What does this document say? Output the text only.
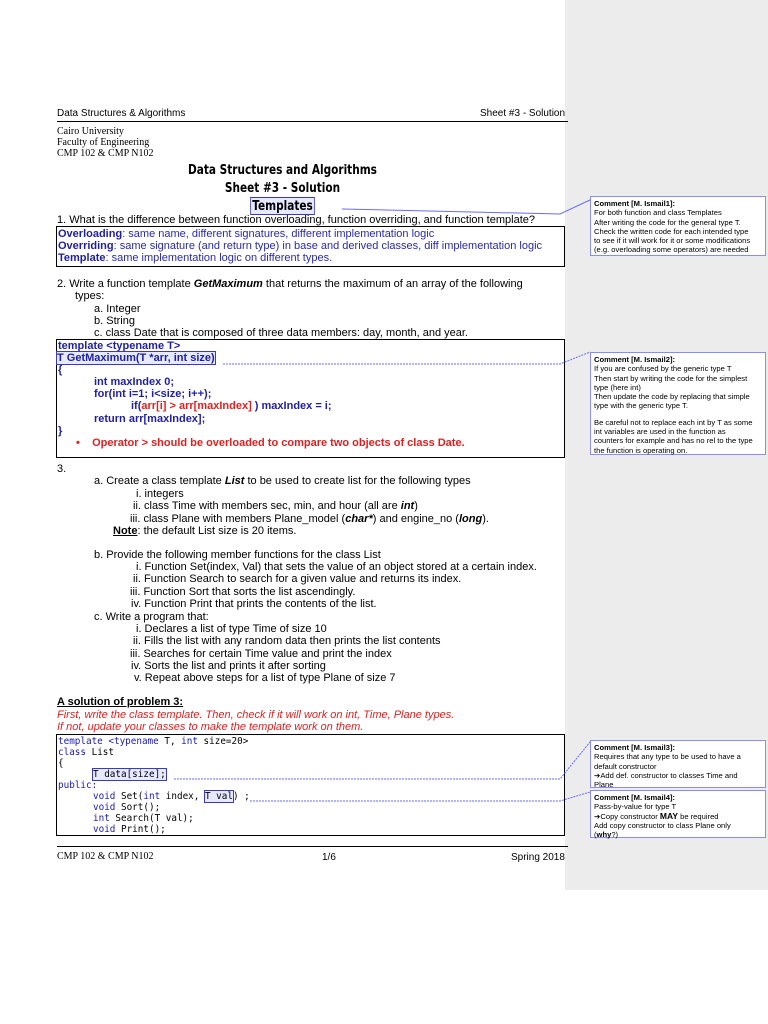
Data Structures & Algorithms	Sheet #3 - Solution
Cairo University
Faculty of Engineering
CMP 102 & CMP N102
Data Structures and Algorithms
Sheet #3 - Solution
Templates
1. What is the difference between function overloading, function overriding, and function template?
Overloading: same name, different signatures, different implementation logic
Overriding: same signature (and return type) in base and derived classes, diff implementation logic
Template: same implementation logic on different types.
2. Write a function template GetMaximum that returns the maximum of an array of the following
types:
a. Integer
b. String
c. class Date that is composed of three data members: day, month, and year.
template <typename T>
T GetMaximum(T *arr, int size)
{
int maxIndex 0;
for(int i=1; i<size; i++);
if(arr[i] > arr[maxIndex] ) maxIndex = i;
return arr[maxIndex];
}
•    Operator > should be overloaded to compare two objects of class Date.
3.
a. Create a class template List to be used to create list for the following types
i. integers
ii. class Time with members sec, min, and hour (all are int)
iii. class Plane with members Plane_model (char*) and engine_no (long).
Note: the default List size is 20 items.
b. Provide the following member functions for the class List
i. Function Set(index, Val) that sets the value of an object stored at a certain index.
ii. Function Search to search for a given value and returns its index.
iii. Function Sort that sorts the list ascendingly.
iv. Function Print that prints the contents of the list.
c. Write a program that:
i. Declares a list of type Time of size 10
ii. Fills the list with any random data then prints the list contents
iii. Searches for certain Time value and print the index
iv. Sorts the list and prints it after sorting
v. Repeat above steps for a list of type Plane of size 7
A solution of problem 3:
First, write the class template. Then, check if it will work on int, Time, Plane types.
If not, update your classes to make the template work on them.
template <typename T, int size=20>
class List
{
T data[size];
public:
void Set(int index, T val) ;
void Sort();
int Search(T val);
void Print();
CMP 102 & CMP N102	1/6	Spring 2018
Comment [M. Ismail1]:
For both function and class Templates
After writing the code for the general type T.
Check the written code for each intended type
to see if it will work for it or some modifications
(e.g. overloading some operators) are needed
Comment [M. Ismail2]:
If you are confused by the generic type T
Then start by writing the code for the simplest
type (here int)
Then update the code by replacing that simple
type with the generic type T.
Be careful not to replace each int by T as some
int variables are used in the function as
counters for example and has no rel to the type
the function is operating on.
Comment [M. Ismail3]:
Requires that any type to be used to have a
default constructor
➔Add def. constructor to classes Time and
Plane
Comment [M. Ismail4]:
Pass-by-value for type T
➔Copy constructor MAY be required
Add copy constructor to class Plane only
(why?)
